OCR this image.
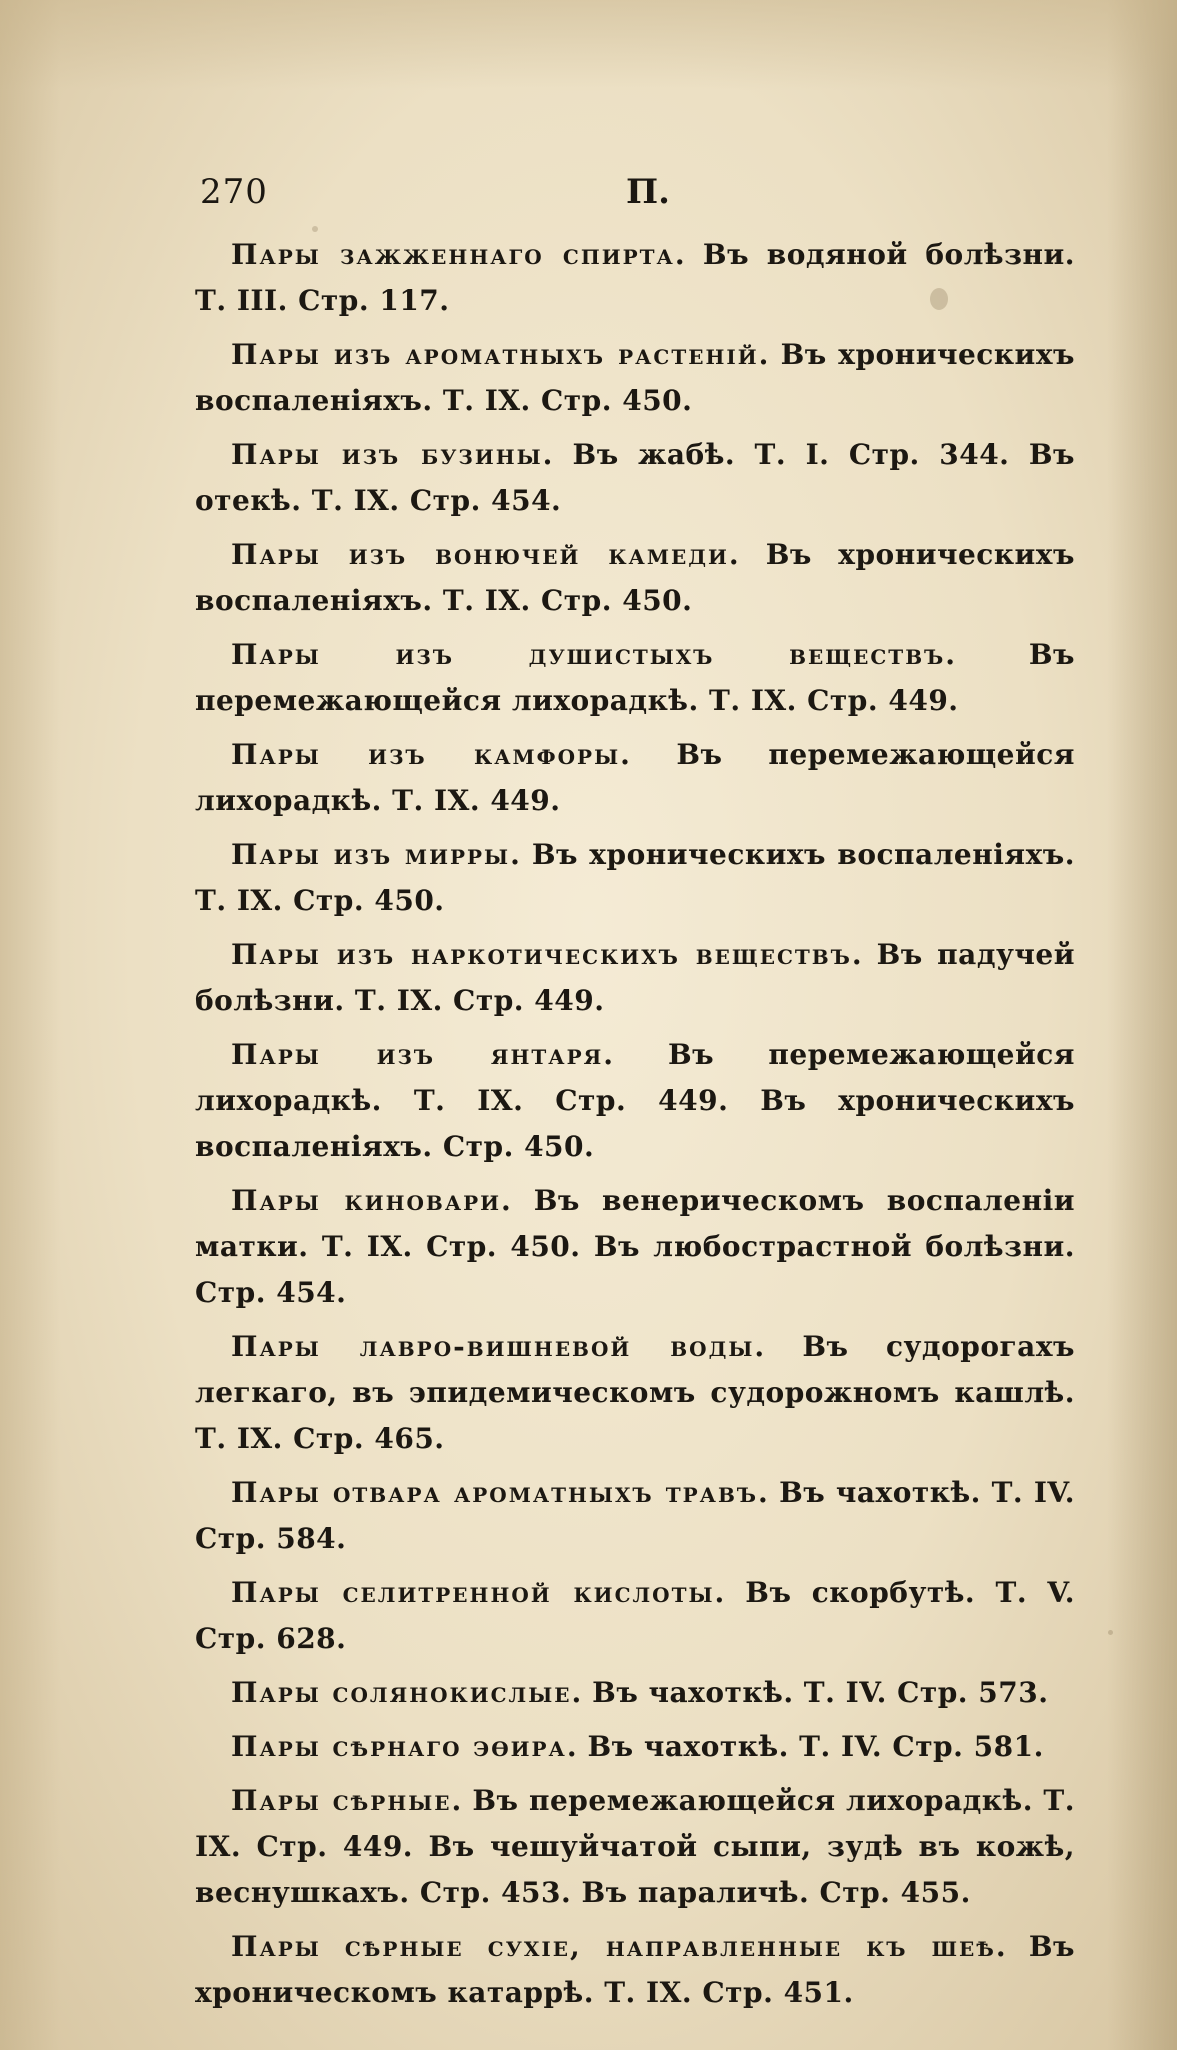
270	П.

Пары зажженнаго спирта. Въ водяной болѣзни. Т. III. Стр. 117.

Пары изъ ароматныхъ растеній. Въ хроническихъ воспаленіяхъ. Т. IX. Стр. 450.

Пары изъ бузины. Въ жабѣ. Т. I. Стр. 344. Въ отекѣ. Т. IX. Стр. 454.

Пары изъ вонючей камеди. Въ хроническихъ воспаленіяхъ. Т. IX. Стр. 450.

Пары изъ душистыхъ веществъ.	Въ перемежающейся лихорадкѣ. Т. IX. Стр. 449.

Пары изъ камфоры. Въ перемежающейся лихорадкѣ. Т. IX. 449.

Пары изъ мирры. Въ хроническихъ воспаленіяхъ. Т. IX. Стр. 450.

Пары изъ наркотическихъ веществъ. Въ падучей болѣзни. Т. IX. Стр. 449.

Пары изъ янтаря. Въ перемежающейся лихорадкѣ. Т. IX. Стр. 449. Въ хроническихъ воспаленіяхъ. Стр. 450.

Пары киновари. Въ венерическомъ воспаленіи матки. Т. IX. Стр. 450. Въ любострастной болѣзни. Стр. 454.

Пары лавро-вишневой воды. Въ судорогахъ легкаго, въ эпидемическомъ судорожномъ кашлѣ. Т. IX. Стр. 465.

Пары отвара ароматныхъ травъ. Въ чахоткѣ. Т. IV. Стр. 584.

Пары селитренной кислоты. Въ скорбутѣ. Т. V. Стр. 628.

Пары солянокислые. Въ чахоткѣ. Т. IV. Стр. 573.

Пары сѣрнаго эѳира. Въ чахоткѣ. Т. IV. Стр. 581.

Пары сѣрные. Въ перемежающейся лихорадкѣ. Т. IX. Стр. 449. Въ чешуйчатой сыпи, зудѣ въ кожѣ, веснушкахъ. Стр. 453. Въ параличѣ. Стр. 455.

Пары сѣрные сухіе, направленные къ шеѣ. Въ хроническомъ катаррѣ. Т. IX. Стр. 451.
